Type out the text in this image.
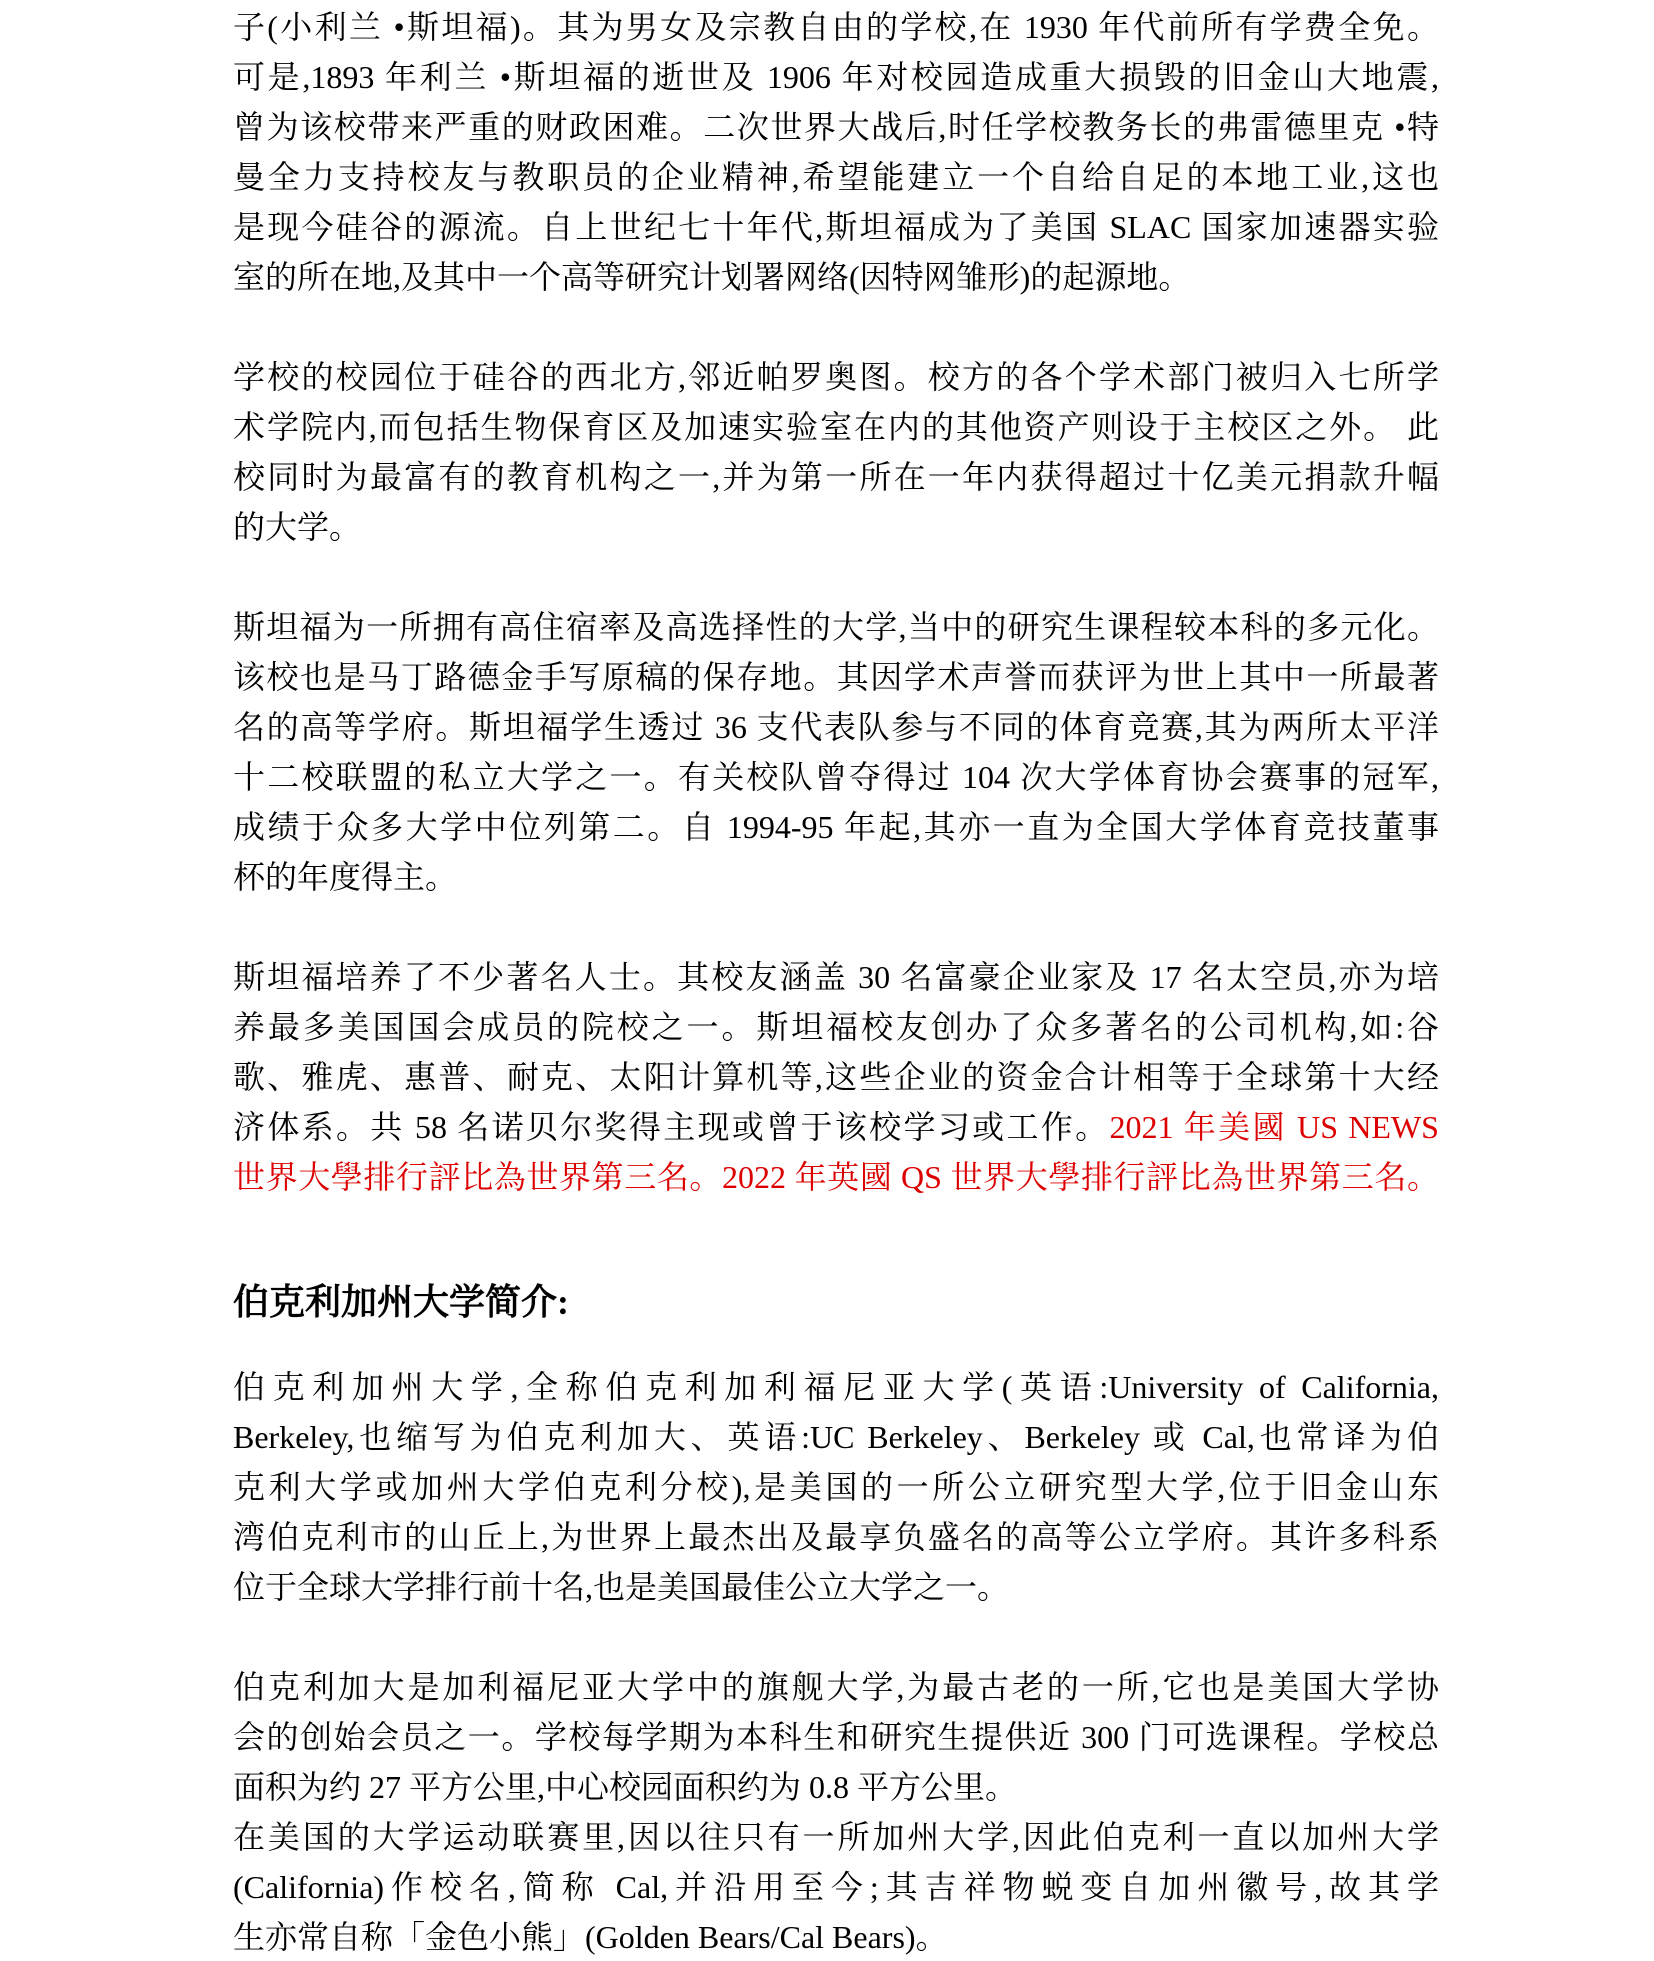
子(小利兰 •斯坦福)。其为男女及宗教自由的学校,在 1930 年代前所有学费全免。
可是,1893 年利兰 •斯坦福的逝世及 1906 年对校园造成重大损毁的旧金山大地震,
曾为该校带来严重的财政困难。二次世界大战后,时任学校教务长的弗雷德里克 •特
曼全力支持校友与教职员的企业精神,希望能建立一个自给自足的本地工业,这也
是现今硅谷的源流。自上世纪七十年代,斯坦福成为了美国 SLAC 国家加速器实验
室的所在地,及其中一个高等研究计划署网络(因特网雏形)的起源地。
学校的校园位于硅谷的西北方,邻近帕罗奥图。校方的各个学术部门被归入七所学
术学院内,而包括生物保育区及加速实验室在内的其他资产则设于主校区之外。 此
校同时为最富有的教育机构之一,并为第一所在一年内获得超过十亿美元捐款升幅
的大学。
斯坦福为一所拥有高住宿率及高选择性的大学,当中的研究生课程较本科的多元化。
该校也是马丁路德金手写原稿的保存地。其因学术声誉而获评为世上其中一所最著
名的高等学府。斯坦福学生透过 36 支代表队参与不同的体育竞赛,其为两所太平洋
十二校联盟的私立大学之一。有关校队曾夺得过 104 次大学体育协会赛事的冠军,
成绩于众多大学中位列第二。自 1994-95 年起,其亦一直为全国大学体育竞技董事
杯的年度得主。
斯坦福培养了不少著名人士。其校友涵盖 30 名富豪企业家及 17 名太空员,亦为培
养最多美国国会成员的院校之一。斯坦福校友创办了众多著名的公司机构,如:谷
歌、雅虎、惠普、耐克、太阳计算机等,这些企业的资金合计相等于全球第十大经
济体系。共 58 名诺贝尔奖得主现或曾于该校学习或工作。2021 年美國 US NEWS
世界大學排行評比為世界第三名。2022 年英國 QS 世界大學排行評比為世界第三名。
伯克利加州大学简介:
伯克利加州大学,全称伯克利加利福尼亚大学(英语:University of California,
Berkeley,也缩写为伯克利加大、英语:UC Berkeley、Berkeley 或 Cal,也常译为伯
克利大学或加州大学伯克利分校),是美国的一所公立研究型大学,位于旧金山东
湾伯克利市的山丘上,为世界上最杰出及最享负盛名的高等公立学府。其许多科系
位于全球大学排行前十名,也是美国最佳公立大学之一。
伯克利加大是加利福尼亚大学中的旗舰大学,为最古老的一所,它也是美国大学协
会的创始会员之一。学校每学期为本科生和研究生提供近 300 门可选课程。学校总
面积为约 27 平方公里,中心校园面积约为 0.8 平方公里。
在美国的大学运动联赛里,因以往只有一所加州大学,因此伯克利一直以加州大学
(California)作校名,简称 Cal,并沿用至今;其吉祥物蜕变自加州徽号,故其学
生亦常自称「金色小熊」(Golden Bears/Cal Bears)。
